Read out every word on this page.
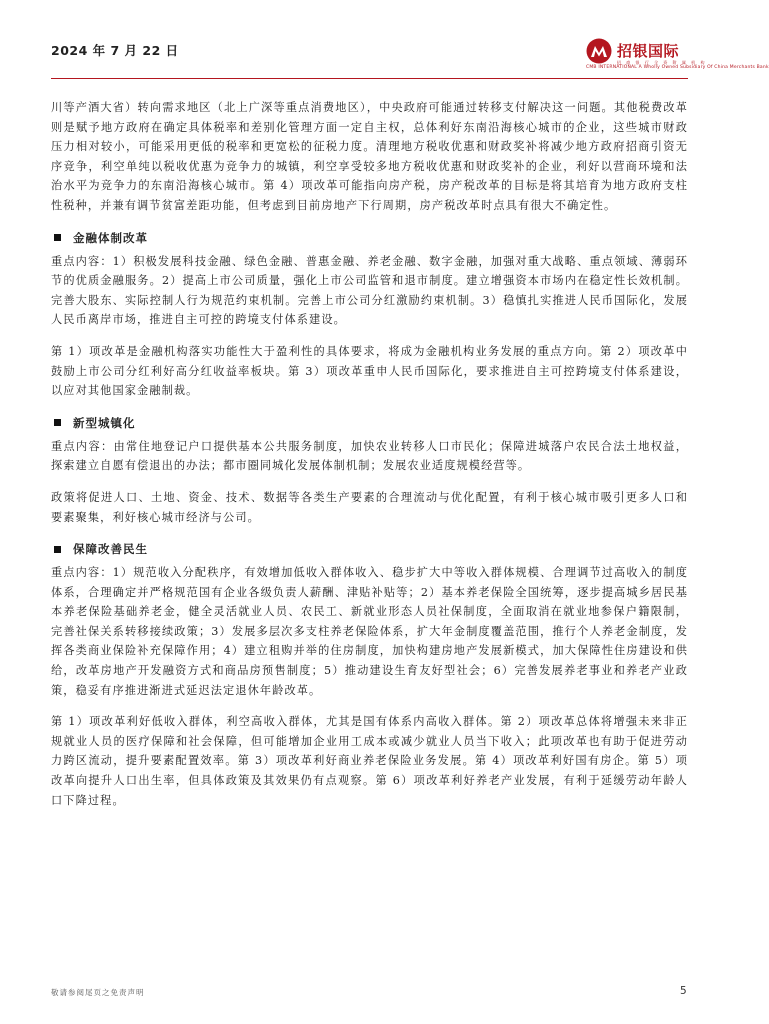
2024 年 7 月 22 日	招银国际
招 商 银 行 全 资 附 属 机 构
CMB INTERNATIONAL A Wholly Owned Subsidiary Of China Merchants Bank

川等产酒大省）转向需求地区（北上广深等重点消费地区），中央政府可能通过转移支付解决这一问题。其他税费改革则是赋予地方政府在确定具体税率和差别化管理方面一定自主权，总体利好东南沿海核心城市的企业，这些城市财政压力相对较小，可能采用更低的税率和更宽松的征税力度。清理地方税收优惠和财政奖补将减少地方政府招商引资无序竞争，利空单纯以税收优惠为竞争力的城镇，利空享受较多地方税收优惠和财政奖补的企业，利好以营商环境和法治水平为竞争力的东南沿海核心城市。第 4）项改革可能指向房产税，房产税改革的目标是将其培育为地方政府支柱性税种，并兼有调节贫富差距功能，但考虑到目前房地产下行周期，房产税改革时点具有很大不确定性。

金融体制改革

重点内容：1）积极发展科技金融、绿色金融、普惠金融、养老金融、数字金融，加强对重大战略、重点领域、薄弱环节的优质金融服务。2）提高上市公司质量，强化上市公司监管和退市制度。建立增强资本市场内在稳定性长效机制。完善大股东、实际控制人行为规范约束机制。完善上市公司分红激励约束机制。3）稳慎扎实推进人民币国际化，发展人民币离岸市场，推进自主可控的跨境支付体系建设。

第 1）项改革是金融机构落实功能性大于盈利性的具体要求，将成为金融机构业务发展的重点方向。第 2）项改革中鼓励上市公司分红利好高分红收益率板块。第 3）项改革重申人民币国际化，要求推进自主可控跨境支付体系建设，以应对其他国家金融制裁。

新型城镇化

重点内容：由常住地登记户口提供基本公共服务制度，加快农业转移人口市民化；保障进城落户农民合法土地权益，探索建立自愿有偿退出的办法；都市圈同城化发展体制机制；发展农业适度规模经营等。

政策将促进人口、土地、资金、技术、数据等各类生产要素的合理流动与优化配置，有利于核心城市吸引更多人口和要素聚集，利好核心城市经济与公司。

保障改善民生

重点内容：1）规范收入分配秩序，有效增加低收入群体收入、稳步扩大中等收入群体规模、合理调节过高收入的制度体系，合理确定并严格规范国有企业各级负责人薪酬、津贴补贴等；2）基本养老保险全国统筹，逐步提高城乡居民基本养老保险基础养老金，健全灵活就业人员、农民工、新就业形态人员社保制度，全面取消在就业地参保户籍限制，完善社保关系转移接续政策；3）发展多层次多支柱养老保险体系，扩大年金制度覆盖范围，推行个人养老金制度，发挥各类商业保险补充保障作用；4）建立租购并举的住房制度，加快构建房地产发展新模式，加大保障性住房建设和供给，改革房地产开发融资方式和商品房预售制度；5）推动建设生育友好型社会；6）完善发展养老事业和养老产业政策，稳妥有序推进渐进式延迟法定退休年龄改革。

第 1）项改革利好低收入群体，利空高收入群体，尤其是国有体系内高收入群体。第 2）项改革总体将增强未来非正规就业人员的医疗保障和社会保障，但可能增加企业用工成本或减少就业人员当下收入；此项改革也有助于促进劳动力跨区流动，提升要素配置效率。第 3）项改革利好商业养老保险业务发展。第 4）项改革利好国有房企。第 5）项改革向提升人口出生率，但具体政策及其效果仍有点观察。第 6）项改革利好养老产业发展，有利于延缓劳动年龄人口下降过程。

敬请参阅尾页之免责声明	5
